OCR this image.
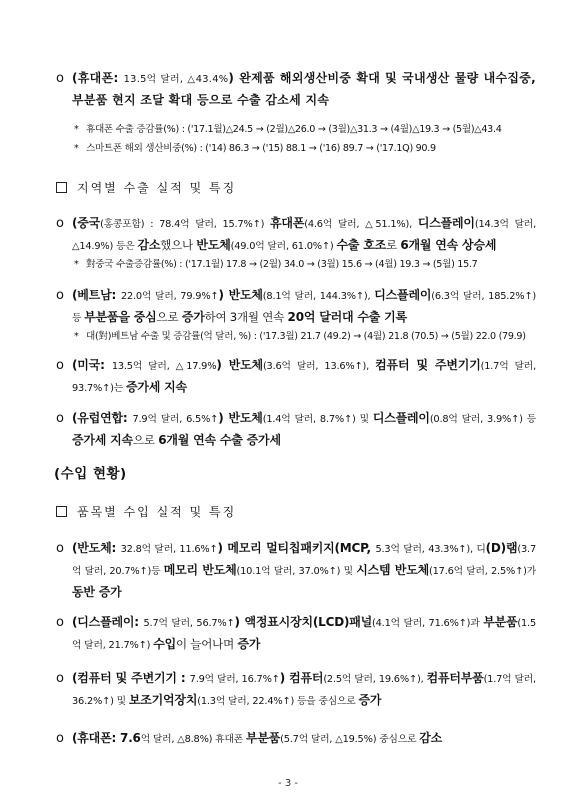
o (휴대폰: 13.5억 달러, △43.4%) 완제품 해외생산비중 확대 및 국내생산 물량 내수집중, 부분품 현지 조달 확대 등으로 수출 감소세 지속
* 휴대폰 수출 증감률(%) : ('17.1월)△24.5 → (2월)△26.0 → (3월)△31.3 → (4월)△19.3 → (5월)△43.4
* 스마트폰 해외 생산비중(%) : ('14) 86.3 → ('15) 88.1 → ('16) 89.7 → ('17.1Q) 90.9
지역별 수출 실적 및 특징
o (중국(홍콩포함) : 78.4억 달러, 15.7%↑) 휴대폰(4.6억 달러, △51.1%), 디스플레이(14.3억 달러, △14.9%) 등은 감소했으나 반도체(49.0억 달러, 61.0%↑) 수출 호조로 6개월 연속 상승세
* 對중국 수출증감률(%) : ('17.1월) 17.8 → (2월) 34.0 → (3월) 15.6 → (4월) 19.3 → (5월) 15.7
o (베트남: 22.0억 달러, 79.9%↑) 반도체(8.1억 달러, 144.3%↑), 디스플레이(6.3억 달러, 185.2%↑) 등 부분품을 중심으로 증가하여 3개월 연속 20억 달러대 수출 기록
* 대(對)베트남 수출 및 증감률(억 달러, %) : ('17.3월) 21.7 (49.2) → (4월) 21.8 (70.5) → (5월) 22.0 (79.9)
o (미국: 13.5억 달러, △17.9%) 반도체(3.6억 달러, 13.6%↑), 컴퓨터 및 주변기기(1.7억 달러, 93.7%↑)는 증가세 지속
o (유럽연합: 7.9억 달러, 6.5%↑) 반도체(1.4억 달러, 8.7%↑) 및 디스플레이(0.8억 달러, 3.9%↑) 등 증가세 지속으로 6개월 연속 수출 증가세
(수입 현황)
품목별 수입 실적 및 특징
o (반도체: 32.8억 달러, 11.6%↑) 메모리 멀티칩패키지(MCP, 5.3억 달러, 43.3%↑), 디(D)램(3.7억 달러, 20.7%↑)등 메모리 반도체(10.1억 달러, 37.0%↑) 및 시스템 반도체(17.6억 달러, 2.5%↑)가 동반 증가
o (디스플레이: 5.7억 달러, 56.7%↑) 액정표시장치(LCD)패널(4.1억 달러, 71.6%↑)과 부분품(1.5억 달러, 21.7%↑) 수입이 늘어나며 증가
o (컴퓨터 및 주변기기 : 7.9억 달러, 16.7%↑) 컴퓨터(2.5억 달러, 19.6%↑), 컴퓨터부품(1.7억 달러, 36.2%↑) 및 보조기억장치(1.3억 달러, 22.4%↑) 등을 중심으로 증가
o (휴대폰: 7.6억 달러, △8.8%) 휴대폰 부분품(5.7억 달러, △19.5%) 중심으로 감소
- 3 -
